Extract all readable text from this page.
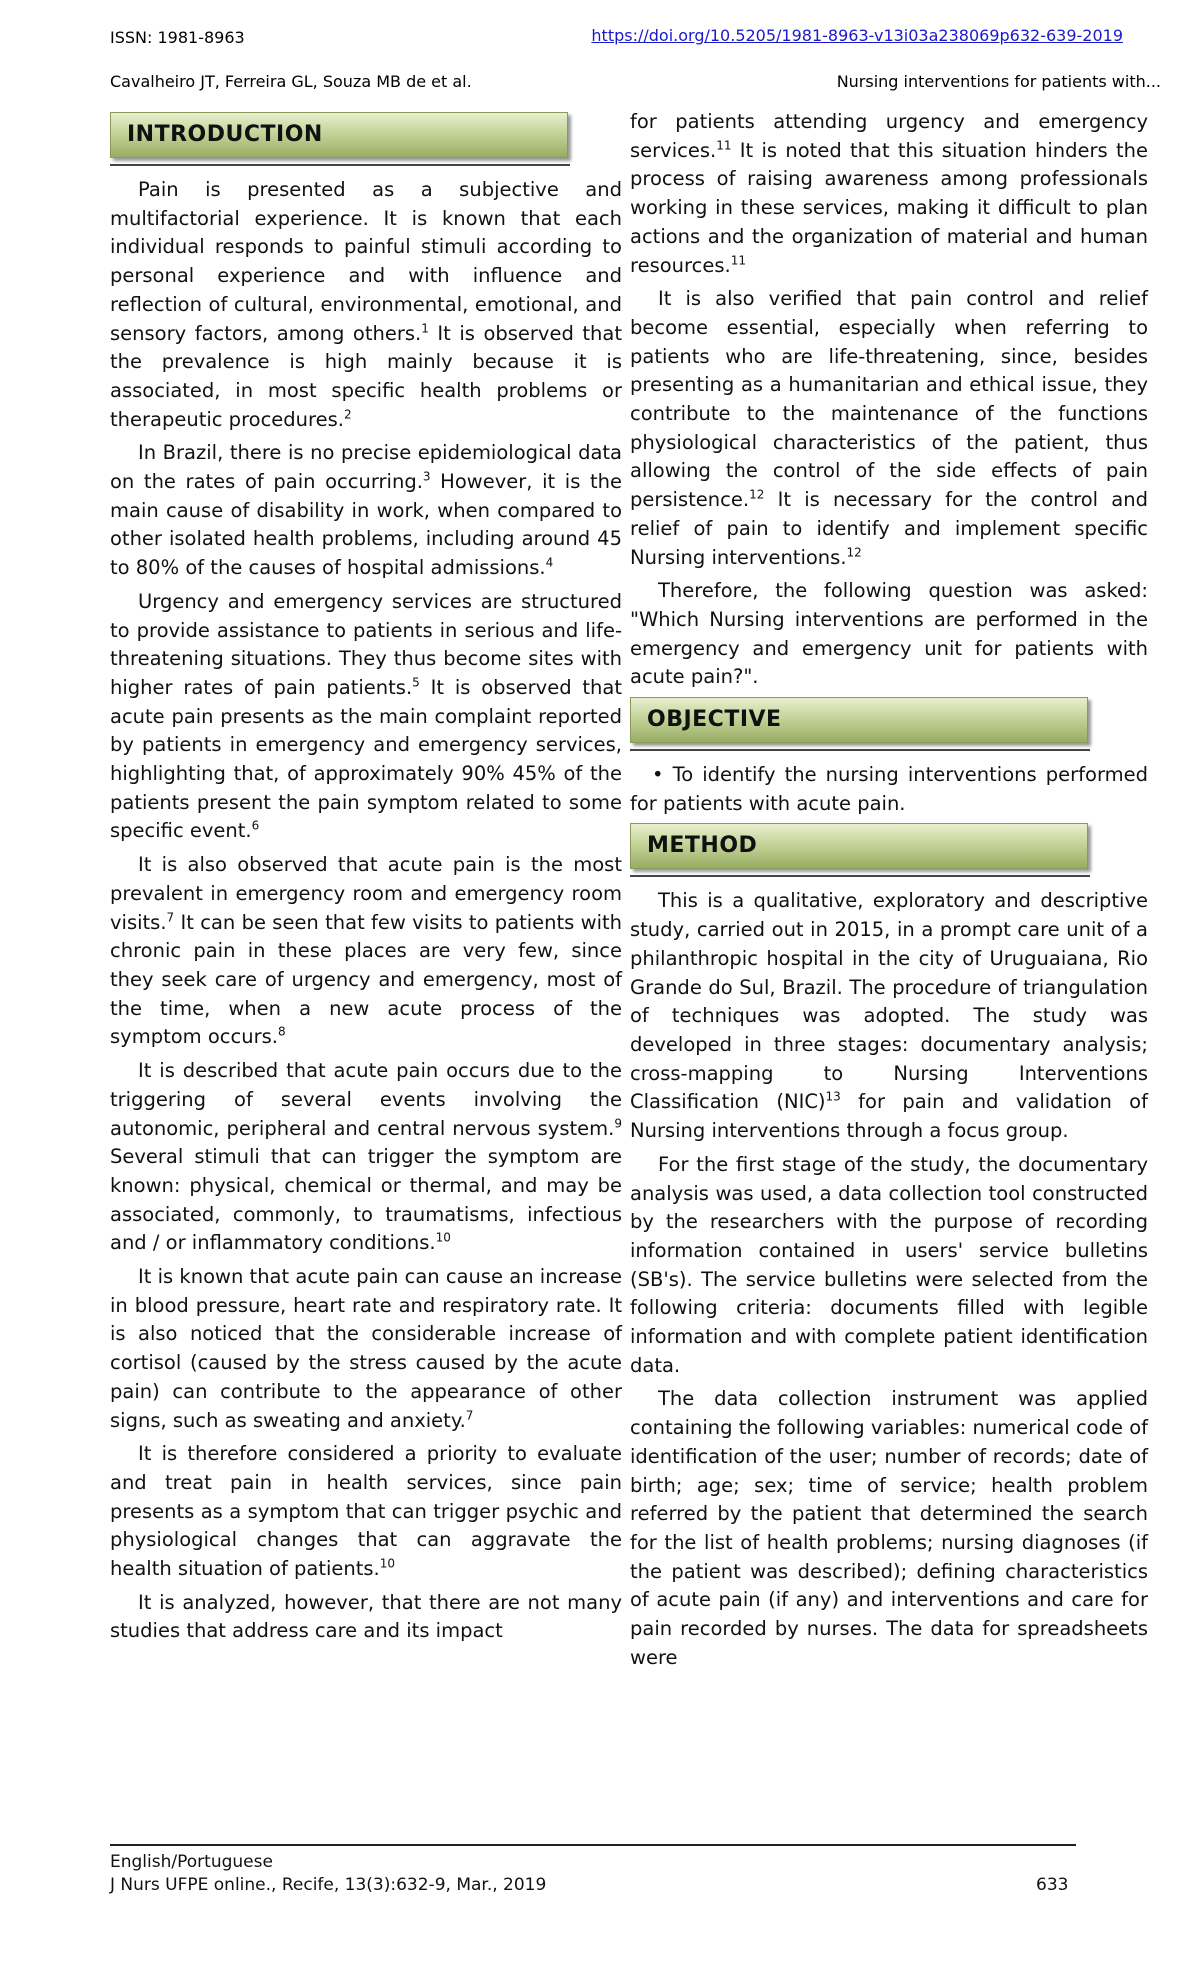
ISSN: 1981-8963	https://doi.org/10.5205/1981-8963-v13i03a238069p632-639-2019
Cavalheiro JT, Ferreira GL, Souza MB de et al.	Nursing interventions for patients with...
INTRODUCTION

Pain is presented as a subjective and multifactorial experience. It is known that each individual responds to painful stimuli according to personal experience and with influence and reflection of cultural, environmental, emotional, and sensory factors, among others.$^1$ It is observed that the prevalence is high mainly because it is associated, in most specific health problems or therapeutic procedures.$^2$

In Brazil, there is no precise epidemiological data on the rates of pain occurring.$^3$ However, it is the main cause of disability in work, when compared to other isolated health problems, including around 45 to 80% of the causes of hospital admissions.$^4$

Urgency and emergency services are structured to provide assistance to patients in serious and life-threatening situations. They thus become sites with higher rates of pain patients.$^5$ It is observed that acute pain presents as the main complaint reported by patients in emergency and emergency services, highlighting that, of approximately 90% 45% of the patients present the pain symptom related to some specific event.$^6$

It is also observed that acute pain is the most prevalent in emergency room and emergency room visits.$^7$ It can be seen that few visits to patients with chronic pain in these places are very few, since they seek care of urgency and emergency, most of the time, when a new acute process of the symptom occurs.$^8$

It is described that acute pain occurs due to the triggering of several events involving the autonomic, peripheral and central nervous system.$^9$ Several stimuli that can trigger the symptom are known: physical, chemical or thermal, and may be associated, commonly, to traumatisms, infectious and / or inflammatory conditions.$^{10}$

It is known that acute pain can cause an increase in blood pressure, heart rate and respiratory rate. It is also noticed that the considerable increase of cortisol (caused by the stress caused by the acute pain) can contribute to the appearance of other signs, such as sweating and anxiety.$^7$

It is therefore considered a priority to evaluate and treat pain in health services, since pain presents as a symptom that can trigger psychic and physiological changes that can aggravate the health situation of patients.$^{10}$

It is analyzed, however, that there are not many studies that address care and its impact

for patients attending urgency and emergency services.$^{11}$ It is noted that this situation hinders the process of raising awareness among professionals working in these services, making it difficult to plan actions and the organization of material and human resources.$^{11}$

It is also verified that pain control and relief become essential, especially when referring to patients who are life-threatening, since, besides presenting as a humanitarian and ethical issue, they contribute to the maintenance of the functions physiological characteristics of the patient, thus allowing the control of the side effects of pain persistence.$^{12}$ It is necessary for the control and relief of pain to identify and implement specific Nursing interventions.$^{12}$

Therefore, the following question was asked: "Which Nursing interventions are performed in the emergency and emergency unit for patients with acute pain?".

OBJECTIVE

• To identify the nursing interventions performed for patients with acute pain.

METHOD

This is a qualitative, exploratory and descriptive study, carried out in 2015, in a prompt care unit of a philanthropic hospital in the city of Uruguaiana, Rio Grande do Sul, Brazil. The procedure of triangulation of techniques was adopted. The study was developed in three stages: documentary analysis; cross-mapping to Nursing Interventions Classification (NIC)$^{13}$ for pain and validation of Nursing interventions through a focus group.

For the first stage of the study, the documentary analysis was used, a data collection tool constructed by the researchers with the purpose of recording information contained in users' service bulletins (SB's). The service bulletins were selected from the following criteria: documents filled with legible information and with complete patient identification data.

The data collection instrument was applied containing the following variables: numerical code of identification of the user; number of records; date of birth; age; sex; time of service; health problem referred by the patient that determined the search for the list of health problems; nursing diagnoses (if the patient was described); defining characteristics of acute pain (if any) and interventions and care for pain recorded by nurses. The data for spreadsheets were

English/Portuguese
J Nurs UFPE online., Recife, 13(3):632-9, Mar., 2019	633
